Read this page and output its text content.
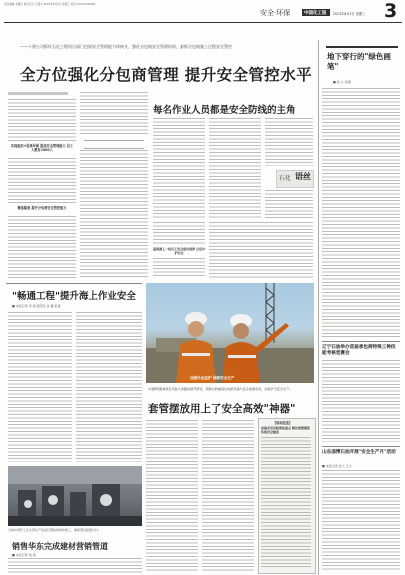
责任编辑 李鑫宇 版式设计 王燕兵 2023年8月2日 星期三 电话 010-63206587
安全·环保	中国化工报 2023年8月2日 星期三 3
——十建公司抓好石化工程项目部门包保安全管理能力审核关，强化分包商安全管理培训，狠抓分包商施工过程安全管控
全方位强化分包商管理 提升安全管控水平
实现组织+思维导图 提高安全管理能力 员工人数有1000人
聚焦隐患 提升分包商安全管控能力
每名作业人员都是安全防线的主角
石化 语丝
重视施工一线员工安全意识培养 自觉守护安全
加强作业监护 保障安全生产
地下穿行的"绿色画笔"
■ 钱 立 报道
辽宁石油举办首届承包商特殊工种技能考核竞赛会
山东淄博石油开展"安全生产月"活动
■ 本报记者 张大 王大
"畅通工程"提升海上作业安全
■ 本报记者 李 颖 通讯员 张 鑫 报道
中建8局聚焦项目风险大的路段展开研究，研制出防触高压电源设备与安全监测系统，创新护卫安全生产。
套管摆放用上了安全高效"神器"
【现场巡查】
前端采用风险管控重点 解决套管摆放传统安全隐患
当前中建科工正在用生产线进行钢结构焊接施工，确保项目按期交付。
销售华东完成建材营销管道
■ 本报记者 刘 朋
